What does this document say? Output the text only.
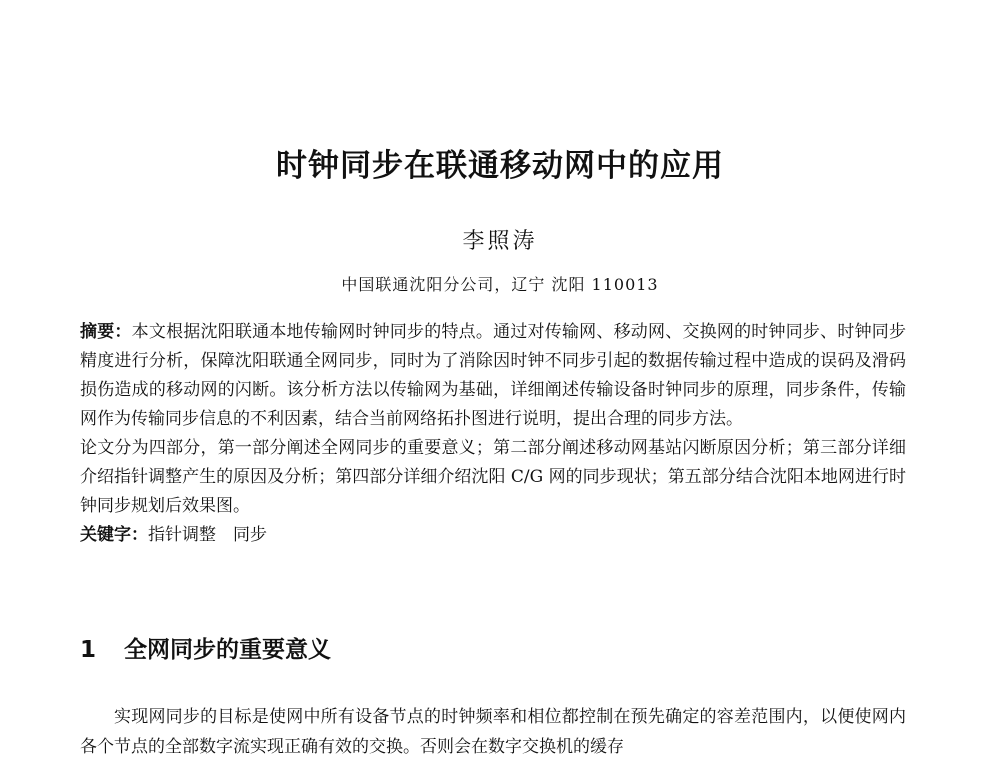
时钟同步在联通移动网中的应用
李照涛
中国联通沈阳分公司，辽宁 沈阳 110013

摘要：本文根据沈阳联通本地传输网时钟同步的特点。通过对传输网、移动网、交换网的时钟同步、时钟同步精度进行分析，保障沈阳联通全网同步，同时为了消除因时钟不同步引起的数据传输过程中造成的误码及滑码损伤造成的移动网的闪断。该分析方法以传输网为基础，详细阐述传输设备时钟同步的原理，同步条件，传输网作为传输同步信息的不利因素，结合当前网络拓扑图进行说明，提出合理的同步方法。

论文分为四部分，第一部分阐述全网同步的重要意义；第二部分阐述移动网基站闪断原因分析；第三部分详细介绍指针调整产生的原因及分析；第四部分详细介绍沈阳 C/G 网的同步现状；第五部分结合沈阳本地网进行时钟同步规划后效果图。

关键字：指针调整　同步

1 全网同步的重要意义

实现网同步的目标是使网中所有设备节点的时钟频率和相位都控制在预先确定的容差范围内，以便使网内各个节点的全部数字流实现正确有效的交换。否则会在数字交换机的缓存
